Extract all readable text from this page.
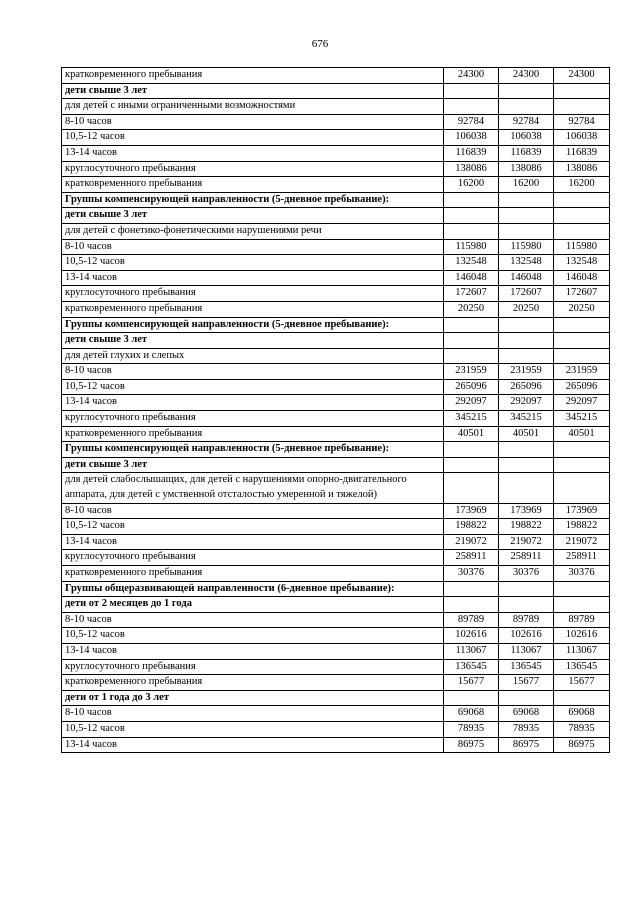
676
кратковременного пребывания	24300	24300	24300
дети свыше 3 лет			
для детей с иными ограниченными возможностями			
8-10 часов	92784	92784	92784
10,5-12 часов	106038	106038	106038
13-14 часов	116839	116839	116839
круглосуточного пребывания	138086	138086	138086
кратковременного пребывания	16200	16200	16200
Группы компенсирующей направленности (5-дневное пребывание):			
дети свыше 3 лет			
для детей с фонетико-фонетическими нарушениями речи			
8-10 часов	115980	115980	115980
10,5-12 часов	132548	132548	132548
13-14 часов	146048	146048	146048
круглосуточного пребывания	172607	172607	172607
кратковременного пребывания	20250	20250	20250
Группы компенсирующей направленности (5-дневное пребывание):			
дети свыше 3 лет			
для детей глухих и слепых			
8-10 часов	231959	231959	231959
10,5-12 часов	265096	265096	265096
13-14 часов	292097	292097	292097
круглосуточного пребывания	345215	345215	345215
кратковременного пребывания	40501	40501	40501
Группы компенсирующей направленности (5-дневное пребывание):			
дети свыше 3 лет			
для детей слабослышащих, для детей с нарушениями опорно-двигательного аппарата, для детей с умственной отсталостью умеренной и тяжелой)			
8-10 часов	173969	173969	173969
10,5-12 часов	198822	198822	198822
13-14 часов	219072	219072	219072
круглосуточного пребывания	258911	258911	258911
кратковременного пребывания	30376	30376	30376
Группы общеразвивающей направленности (6-дневное пребывание):			
дети от 2 месяцев до 1 года			
8-10 часов	89789	89789	89789
10,5-12 часов	102616	102616	102616
13-14 часов	113067	113067	113067
круглосуточного пребывания	136545	136545	136545
кратковременного пребывания	15677	15677	15677
дети от 1 года до 3 лет			
8-10 часов	69068	69068	69068
10,5-12 часов	78935	78935	78935
13-14 часов	86975	86975	86975
